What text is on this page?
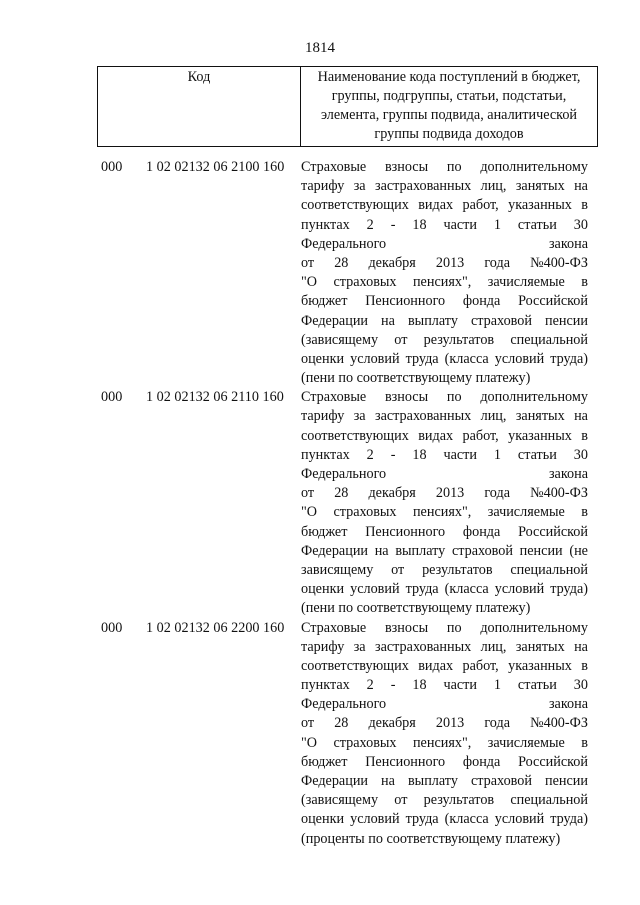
1814
Код	Наименование кода поступлений в бюджет, группы, подгруппы, статьи, подстатьи, элемента, группы подвида, аналитической группы подвида доходов
000 1 02 02132 06 2100 160 Страховые взносы по дополнительному
тарифу за застрахованных лиц, занятых на
соответствующих видах работ, указанных в
пунктах 2 - 18 части 1 статьи 30
Федерального	закона
от 28 декабря 2013 года №400-ФЗ
"О страховых пенсиях", зачисляемые в
бюджет Пенсионного фонда Российской
Федерации на выплату страховой пенсии
(зависящему от результатов специальной
оценки условий труда (класса условий труда)
(пени по соответствующему платежу)
000 1 02 02132 06 2110 160 Страховые взносы по дополнительному
тарифу за застрахованных лиц, занятых на
соответствующих видах работ, указанных в
пунктах 2 - 18 части 1 статьи 30
Федерального	закона
от 28 декабря 2013 года №400-ФЗ
"О страховых пенсиях", зачисляемые в
бюджет Пенсионного фонда Российской
Федерации на выплату страховой пенсии (не
зависящему от результатов специальной
оценки условий труда (класса условий труда)
(пени по соответствующему платежу)
000 1 02 02132 06 2200 160 Страховые взносы по дополнительному
тарифу за застрахованных лиц, занятых на
соответствующих видах работ, указанных в
пунктах 2 - 18 части 1 статьи 30
Федерального	закона
от 28 декабря 2013 года №400-ФЗ
"О страховых пенсиях", зачисляемые в
бюджет Пенсионного фонда Российской
Федерации на выплату страховой пенсии
(зависящему от результатов специальной
оценки условий труда (класса условий труда)
(проценты по соответствующему платежу)
